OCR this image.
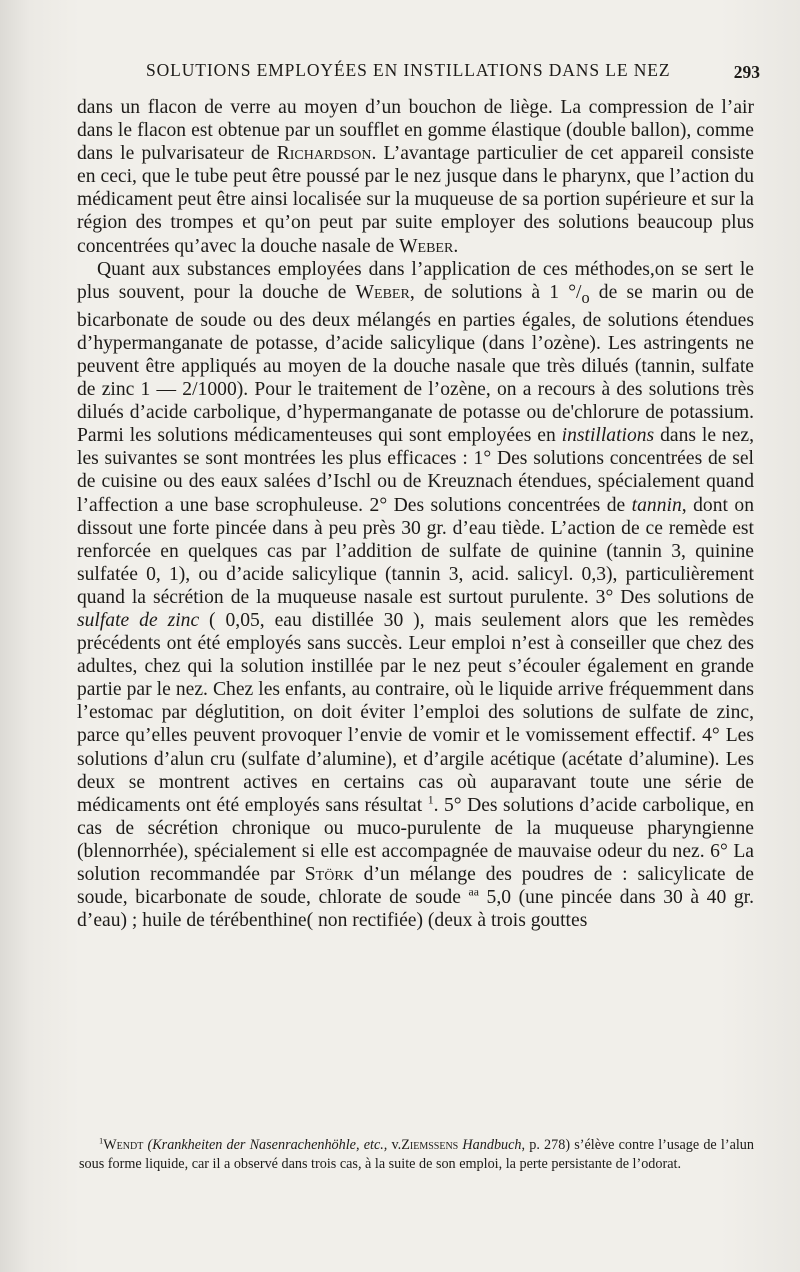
SOLUTIONS EMPLOYÉES EN INSTILLATIONS DANS LE NEZ	293

dans un flacon de verre au moyen d’un bouchon de liège. La compression de l’air dans le flacon est obtenue par un soufflet en gomme élastique (double ballon), comme dans le pulvarisateur de Richardson. L’avantage particulier de cet appareil consiste en ceci, que le tube peut être poussé par le nez jusque dans le pharynx, que l’action du médicament peut être ainsi localisée sur la muqueuse de sa portion supérieure et sur la région des trompes et qu’on peut par suite employer des solutions beaucoup plus concentrées qu’avec la douche nasale de Weber.

Quant aux substances employées dans l’application de ces méthodes,on se sert le plus souvent, pour la douche de Weber, de solutions à 1 $^\circ/_o$ de se marin ou de bicarbonate de soude ou des deux mélangés en parties égales, de solutions étendues d’hypermanganate de potasse, d’acide salicylique (dans l’ozène). Les astringents ne peuvent être appliqués au moyen de la douche nasale que très dilués (tannin, sulfate de zinc 1 — 2/1000). Pour le traitement de l’ozène, on a recours à des solutions très dilués d’acide carbolique, d’hypermanganate de potasse ou de'chlorure de potassium. Parmi les solutions médicamenteuses qui sont employées en instillations dans le nez, les suivantes se sont montrées les plus efficaces : 1° Des solutions concentrées de sel de cuisine ou des eaux salées d’Ischl ou de Kreuznach étendues, spécialement quand l’affection a une base scrophuleuse. 2° Des solutions concentrées de tannin, dont on dissout une forte pincée dans à peu près 30 gr. d’eau tiède. L’action de ce remède est renforcée en quelques cas par l’addition de sulfate de quinine (tannin 3, quinine sulfatée 0, 1), ou d’acide salicylique (tannin 3, acid. salicyl. 0,3), particulièrement quand la sécrétion de la muqueuse nasale est surtout purulente. 3° Des solutions de sulfate de zinc ( 0,05, eau distillée 30 ), mais seulement alors que les remèdes précédents ont été employés sans succès. Leur emploi n’est à conseiller que chez des adultes, chez qui la solution instillée par le nez peut s’écouler également en grande partie par le nez. Chez les enfants, au contraire, où le liquide arrive fréquemment dans l’estomac par déglutition, on doit éviter l’emploi des solutions de sulfate de zinc, parce qu’elles peuvent provoquer l’envie de vomir et le vomissement effectif. 4° Les solutions d’alun cru (sulfate d’alumine), et d’argile acétique (acétate d’alumine). Les deux se montrent actives en certains cas où auparavant toute une série de médicaments ont été employés sans résultat $^1$. 5° Des solutions d’acide carbolique, en cas de sécrétion chronique ou muco-purulente de la muqueuse pharyngienne (blennorrhée), spécialement si elle est accompagnée de mauvaise odeur du nez. 6° La solution recommandée par Störk d’un mélange des poudres de : salicylicate de soude, bicarbonate de soude, chlorate de soude $^{aa}$ 5,0 (une pincée dans 30 à 40 gr. d’eau) ; huile de térébenthine( non rectifiée) (deux à trois gouttes

$^1$Wendt (Krankheiten der Nasenrachenhöhle, etc., v.Ziemssens Handbuch, p. 278) s’élève contre l’usage de l’alun sous forme liquide, car il a observé dans trois cas, à la suite de son emploi, la perte persistante de l’odorat.
